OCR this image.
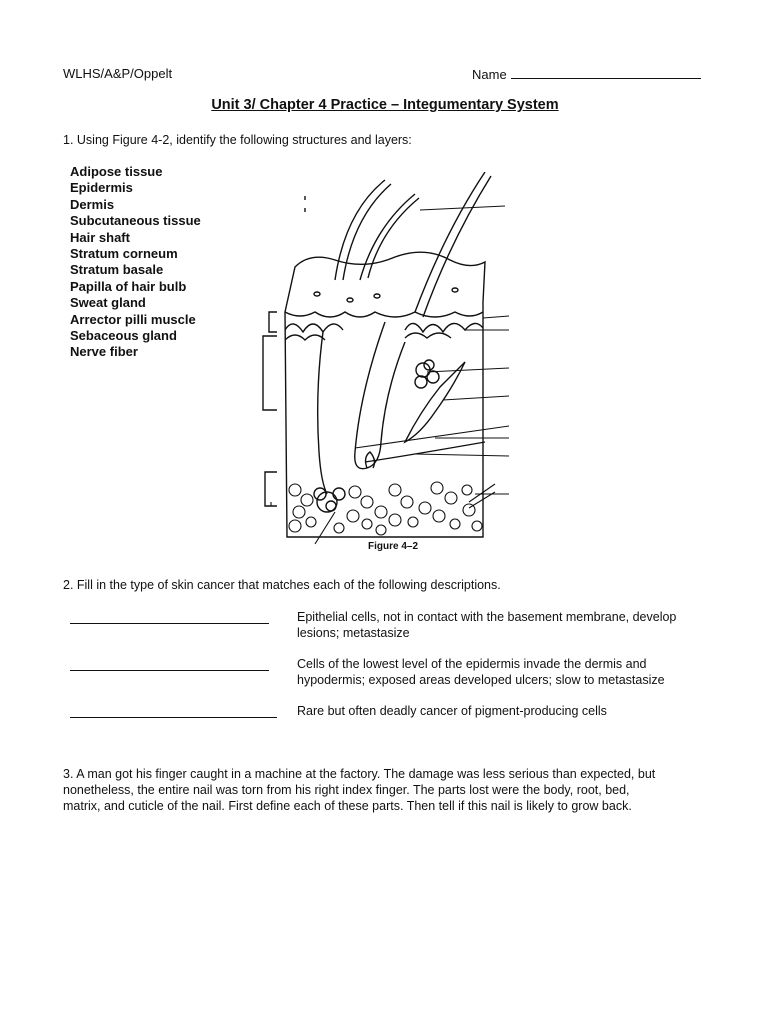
WLHS/A&P/Oppelt	Name
Unit 3/ Chapter 4 Practice – Integumentary System
1. Using Figure 4-2, identify the following structures and layers:
Adipose tissue
Epidermis
Dermis
Subcutaneous tissue
Hair shaft
Stratum corneum
Stratum basale
Papilla of hair bulb
Sweat gland
Arrector pilli muscle
Sebaceous gland
Nerve fiber
Figure 4–2
2. Fill in the type of skin cancer that matches each of the following descriptions.
Epithelial cells, not in contact with the basement membrane, develop
lesions; metastasize
Cells of the lowest level of the epidermis invade the dermis and
hypodermis; exposed areas developed ulcers; slow to metastasize
Rare but often deadly cancer of pigment-producing cells
3. A man got his finger caught in a machine at the factory. The damage was less serious than expected, but
nonetheless, the entire nail was torn from his right index finger. The parts lost were the body, root, bed,
matrix, and cuticle of the nail. First define each of these parts. Then tell if this nail is likely to grow back.
